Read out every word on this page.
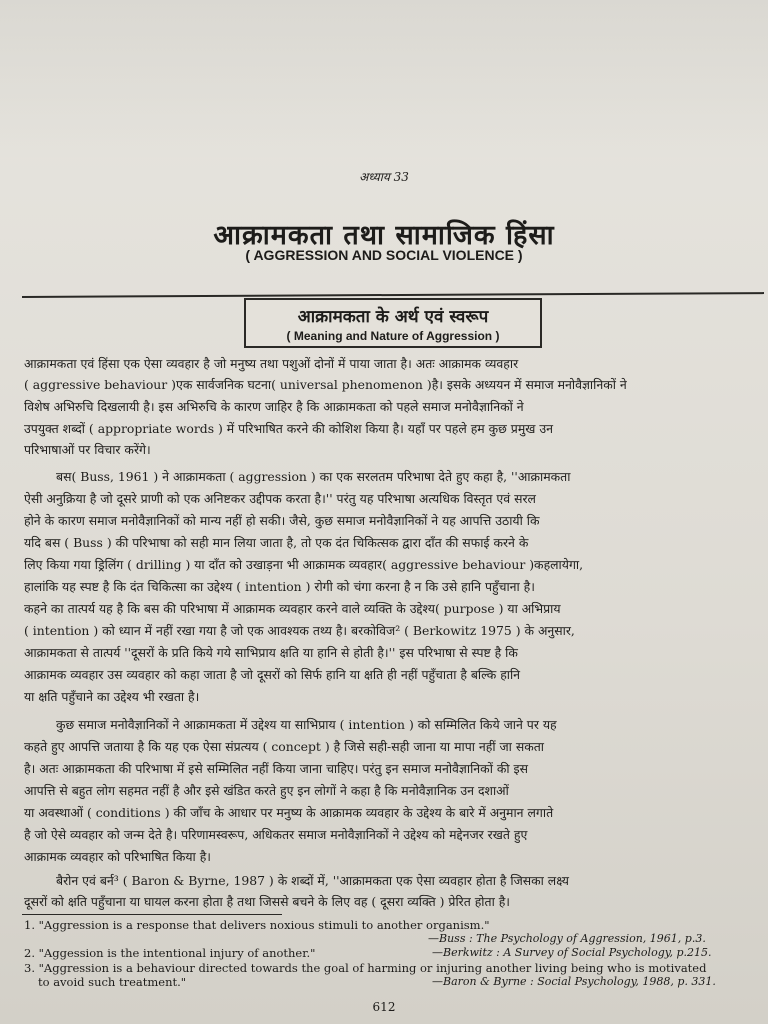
अध्याय 33
आक्रामकता तथा सामाजिक हिंसा
( AGGRESSION AND SOCIAL VIOLENCE )
आक्रामकता के अर्थ एवं स्वरूप
( Meaning and Nature of Aggression )
आक्रामकता एवं हिंसा एक ऐसा व्यवहार है जो मनुष्य तथा पशुओं दोनों में पाया जाता है। अतः आक्रामक व्यवहार
( aggressive behaviour )एक सार्वजनिक घटना( universal phenomenon )है। इसके अध्ययन में समाज मनोवैज्ञानिकों ने
विशेष अभिरुचि दिखलायी है। इस अभिरुचि के कारण जाहिर है कि आक्रामकता को पहले समाज मनोवैज्ञानिकों ने
उपयुक्त शब्दों ( appropriate words ) में परिभाषित करने की कोशिश किया है। यहाँ पर पहले हम कुछ प्रमुख उन
परिभाषाओं पर विचार करेंगे।
बस( Buss, 1961 ) ने आक्रामकता ( aggression ) का एक सरलतम परिभाषा देते हुए कहा है, ''आक्रामकता
ऐसी अनुक्रिया है जो दूसरे प्राणी को एक अनिष्टकर उद्दीपक करता है।'' परंतु यह परिभाषा अत्यधिक विस्तृत एवं सरल
होने के कारण समाज मनोवैज्ञानिकों को मान्य नहीं हो सकी। जैसे, कुछ समाज मनोवैज्ञानिकों ने यह आपत्ति उठायी कि
यदि बस ( Buss ) की परिभाषा को सही मान लिया जाता है, तो एक दंत चिकित्सक द्वारा दाँत की सफाई करने के
लिए किया गया ड्रिलिंग ( drilling ) या दाँत को उखाड़ना भी आक्रामक व्यवहार( aggressive behaviour )कहलायेगा,
हालांकि यह स्पष्ट है कि दंत चिकित्सा का उद्देश्य ( intention ) रोगी को चंगा करना है न कि उसे हानि पहुँचाना है।
कहने का तात्पर्य यह है कि बस की परिभाषा में आक्रामक व्यवहार करने वाले व्यक्ति के उद्देश्य( purpose ) या अभिप्राय
( intention ) को ध्यान में नहीं रखा गया है जो एक आवश्यक तथ्य है। बरकोविज² ( Berkowitz 1975 ) के अनुसार,
आक्रामकता से तात्पर्य ''दूसरों के प्रति किये गये साभिप्राय क्षति या हानि से होती है।'' इस परिभाषा से स्पष्ट है कि
आक्रामक व्यवहार उस व्यवहार को कहा जाता है जो दूसरों को सिर्फ हानि या क्षति ही नहीं पहुँचाता है बल्कि हानि
या क्षति पहुँचाने का उद्देश्य भी रखता है।
कुछ समाज मनोवैज्ञानिकों ने आक्रामकता में उद्देश्य या साभिप्राय ( intention ) को सम्मिलित किये जाने पर यह
कहते हुए आपत्ति जताया है कि यह एक ऐसा संप्रत्यय ( concept ) है जिसे सही-सही जाना या मापा नहीं जा सकता
है। अतः आक्रामकता की परिभाषा में इसे सम्मिलित नहीं किया जाना चाहिए। परंतु इन समाज मनोवैज्ञानिकों की इस
आपत्ति से बहुत लोग सहमत नहीं है और इसे खंडित करते हुए इन लोगों ने कहा है कि मनोवैज्ञानिक उन दशाओं
या अवस्थाओं ( conditions ) की जाँच के आधार पर मनुष्य के आक्रामक व्यवहार के उद्देश्य के बारे में अनुमान लगाते
है जो ऐसे व्यवहार को जन्म देते है। परिणामस्वरूप, अधिकतर समाज मनोवैज्ञानिकों ने उद्देश्य को मद्देनजर रखते हुए
आक्रामक व्यवहार को परिभाषित किया है।
बैरोन एवं बर्न³ ( Baron & Byrne, 1987 ) के शब्दों में, ''आक्रामकता एक ऐसा व्यवहार होता है जिसका लक्ष्य
दूसरों को क्षति पहुँचाना या घायल करना होता है तथा जिससे बचने के लिए वह ( दूसरा व्यक्ति ) प्रेरित होता है।
1. "Aggression is a response that delivers noxious stimuli to another organism."
—Buss : The Psychology of Aggression, 1961, p.3.
2. "Aggession is the intentional injury of another."	—Berkwitz : A Survey of Social Psychology, p.215.
3. "Aggression is a behaviour directed towards the goal of harming or injuring another living being who is motivated
to avoid such treatment."	—Baron & Byrne : Social Psychology, 1988, p. 331.
612
